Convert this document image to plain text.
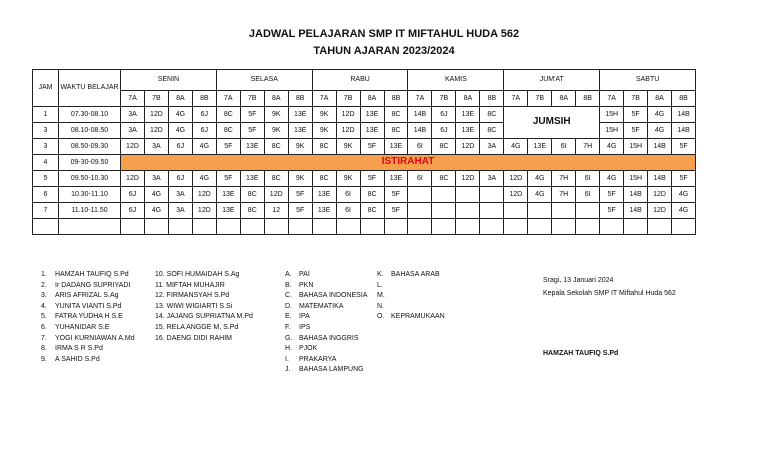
JADWAL PELAJARAN SMP IT MIFTAHUL HUDA 562
TAHUN AJARAN 2023/2024
JAM	WAKTU BELAJAR	SENIN				SELASA				RABU				KAMIS				JUM'AT				SABTU			
		7A	7B	8A	8B	7A	7B	8A	8B	7A	7B	8A	8B	7A	7B	8A	8B	7A	7B	8A	8B	7A	7B	8A	8B
1	07.30-08.10	3A	12D	4G	6J	8C	5F	9K	13E	9K	12D	13E	8C	14B	6J	13E	8C	JUMSIH				15H	5F	4G	14B
3	08.10-08.50	3A	12D	4G	6J	8C	5F	9K	13E	9K	12D	13E	8C	14B	6J	13E	8C					15H	5F	4G	14B
3	08.50-09.30	12D	3A	6J	4G	5F	13E	8C	9K	8C	9K	5F	13E	6I	8C	12D	3A	4G	13E	6I	7H	4G	15H	14B	5F
4	09-30-09.50	ISTIRAHAT																							
5	09.50-10.30	12D	3A	6J	4G	5F	13E	8C	9K	8C	9K	5F	13E	6I	8C	12D	3A	12D	4G	7H	6I	4G	15H	14B	5F
6	10.30-11.10	6J	4G	3A	12D	13E	8C	12D	5F	13E	6I	8C	5F					12D	4G	7H	6I	5F	14B	12D	4G
7	11.10-11.50	6J	4G	3A	12D	13E	8C	12	5F	13E	6I	8C	5F									5F	14B	12D	4G

1. HAMZAH TAUFIQ S.Pd
2. Ir DADANG SUPRIYADI
3. ARIS AFRIZAL S.Ag
4. YUNITA VIANTI S.Pd
5. FATRA YUDHA H S.E
6. YUHANIDAR S.E
7. YOGI KURNIAWAN A.Md
8. IRMA S R S.Pd
9. A SAHID S.Pd
10. SOFI HUMAIDAH S.Ag
11. MIFTAH MUHAJIR
12. FIRMANSYAH S.Pd
13. WIWI WIGIARTI S.Si
14. JAJANG SUPRIATNA M.Pd
15. RELA ANGGE M, S.Pd
16. DAENG DIDI RAHIM
A. PAI
B. PKN
C. BAHASA INDONESIA
D. MATEMATIKA
E. IPA
F. IPS
G. BAHASA INGGRIS
H. PJOK
I. PRAKARYA
J. BAHASA LAMPUNG
K. BAHASA ARAB
L.
M.
N.
O. KEPRAMUKAAN
Sragi, 13 Januari 2024
Kepala Sekolah SMP IT Miftahul Huda 562
HAMZAH TAUFIQ S.Pd
